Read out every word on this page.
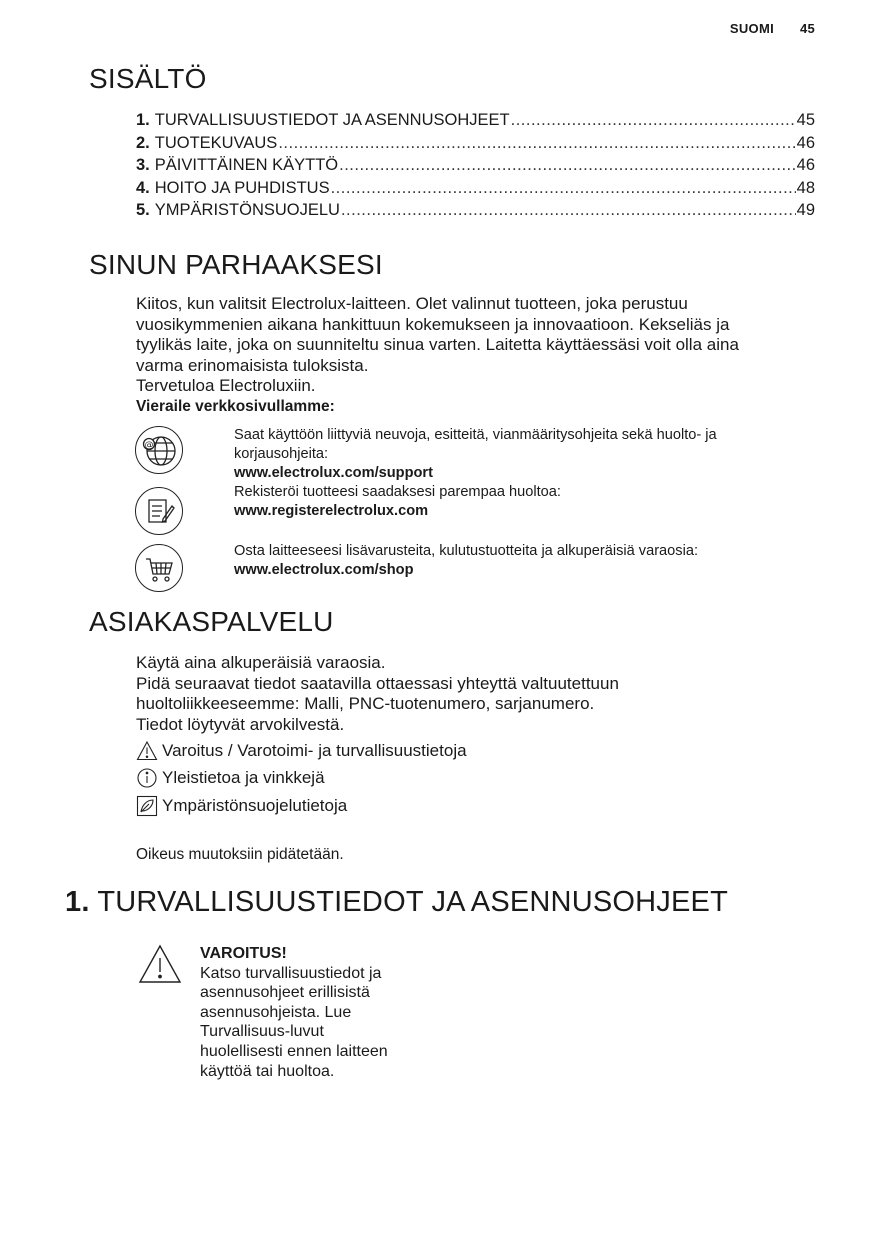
SUOMI 45
SISÄLTÖ
1. TURVALLISUUSTIEDOT JA ASENNUSOHJEET .....	45
2. TUOTEKUVAUS .....	46
3. PÄIVITTÄINEN KÄYTTÖ .....	46
4. HOITO JA PUHDISTUS .....	48
5. YMPÄRISTÖNSUOJELU .....	49
SINUN PARHAAKSESI
Kiitos, kun valitsit Electrolux-laitteen. Olet valinnut tuotteen, joka perustuu
vuosikymmenien aikana hankittuun kokemukseen ja innovaatioon. Kekseliäs ja
tyylikäs laite, joka on suunniteltu sinua varten. Laitetta käyttäessäsi voit olla aina
varma erinomaisista tuloksista.
Tervetuloa Electroluxiin.
Vieraile verkkosivullamme:
@
Saat käyttöön liittyviä neuvoja, esitteitä, vianmääritysohjeita sekä huolto- ja
korjausohjeita:
www.electrolux.com/support
Rekisteröi tuotteesi saadaksesi parempaa huoltoa:
www.registerelectrolux.com
Osta laitteeseesi lisävarusteita, kulutustuotteita ja alkuperäisiä varaosia:
www.electrolux.com/shop
ASIAKASPALVELU
Käytä aina alkuperäisiä varaosia.
Pidä seuraavat tiedot saatavilla ottaessasi yhteyttä valtuutettuun
huoltoliikkeeseemme: Malli, PNC-tuotenumero, sarjanumero.
Tiedot löytyvät arvokilvestä.
Varoitus / Varotoimi- ja turvallisuustietoja
Yleistietoa ja vinkkejä
Ympäristönsuojelutietoja
Oikeus muutoksiin pidätetään.
1. TURVALLISUUSTIEDOT JA ASENNUSOHJEET
VAROITUS!
Katso turvallisuustiedot ja
asennusohjeet erillisistä
asennusohjeista. Lue
Turvallisuus-luvut
huolellisesti ennen laitteen
käyttöä tai huoltoa.
